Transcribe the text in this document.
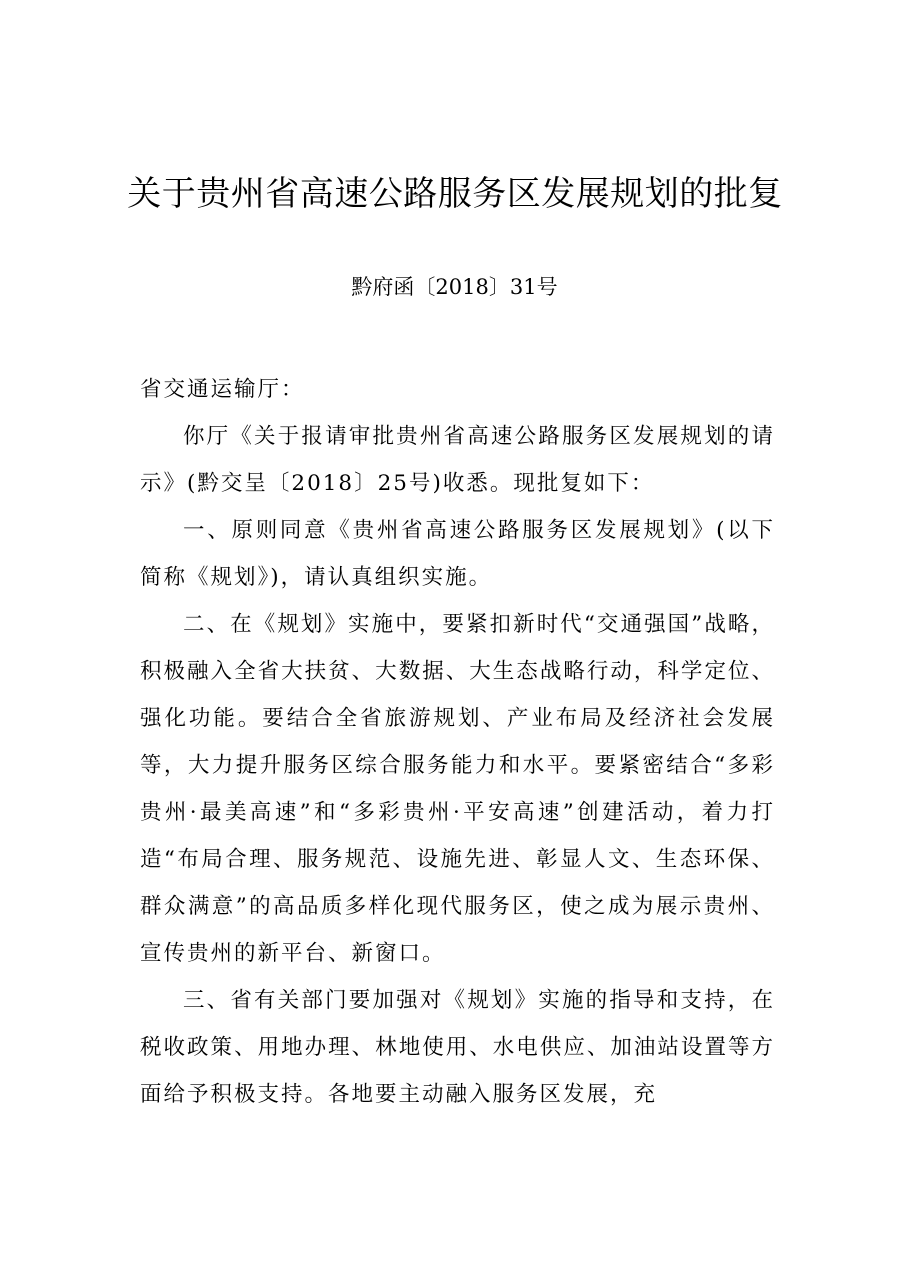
关于贵州省高速公路服务区发展规划的批复
黔府函〔2018〕31号

省交通运输厅：

你厅《关于报请审批贵州省高速公路服务区发展规划的请示》(黔交呈〔2018〕25号)收悉。现批复如下：

一、原则同意《贵州省高速公路服务区发展规划》(以下简称《规划》)，请认真组织实施。

二、在《规划》实施中，要紧扣新时代“交通强国”战略，积极融入全省大扶贫、大数据、大生态战略行动，科学定位、强化功能。要结合全省旅游规划、产业布局及经济社会发展等，大力提升服务区综合服务能力和水平。要紧密结合“多彩贵州·最美高速”和“多彩贵州·平安高速”创建活动，着力打造“布局合理、服务规范、设施先进、彰显人文、生态环保、群众满意”的高品质多样化现代服务区，使之成为展示贵州、宣传贵州的新平台、新窗口。

三、省有关部门要加强对《规划》实施的指导和支持，在税收政策、用地办理、林地使用、水电供应、加油站设置等方面给予积极支持。各地要主动融入服务区发展，充
